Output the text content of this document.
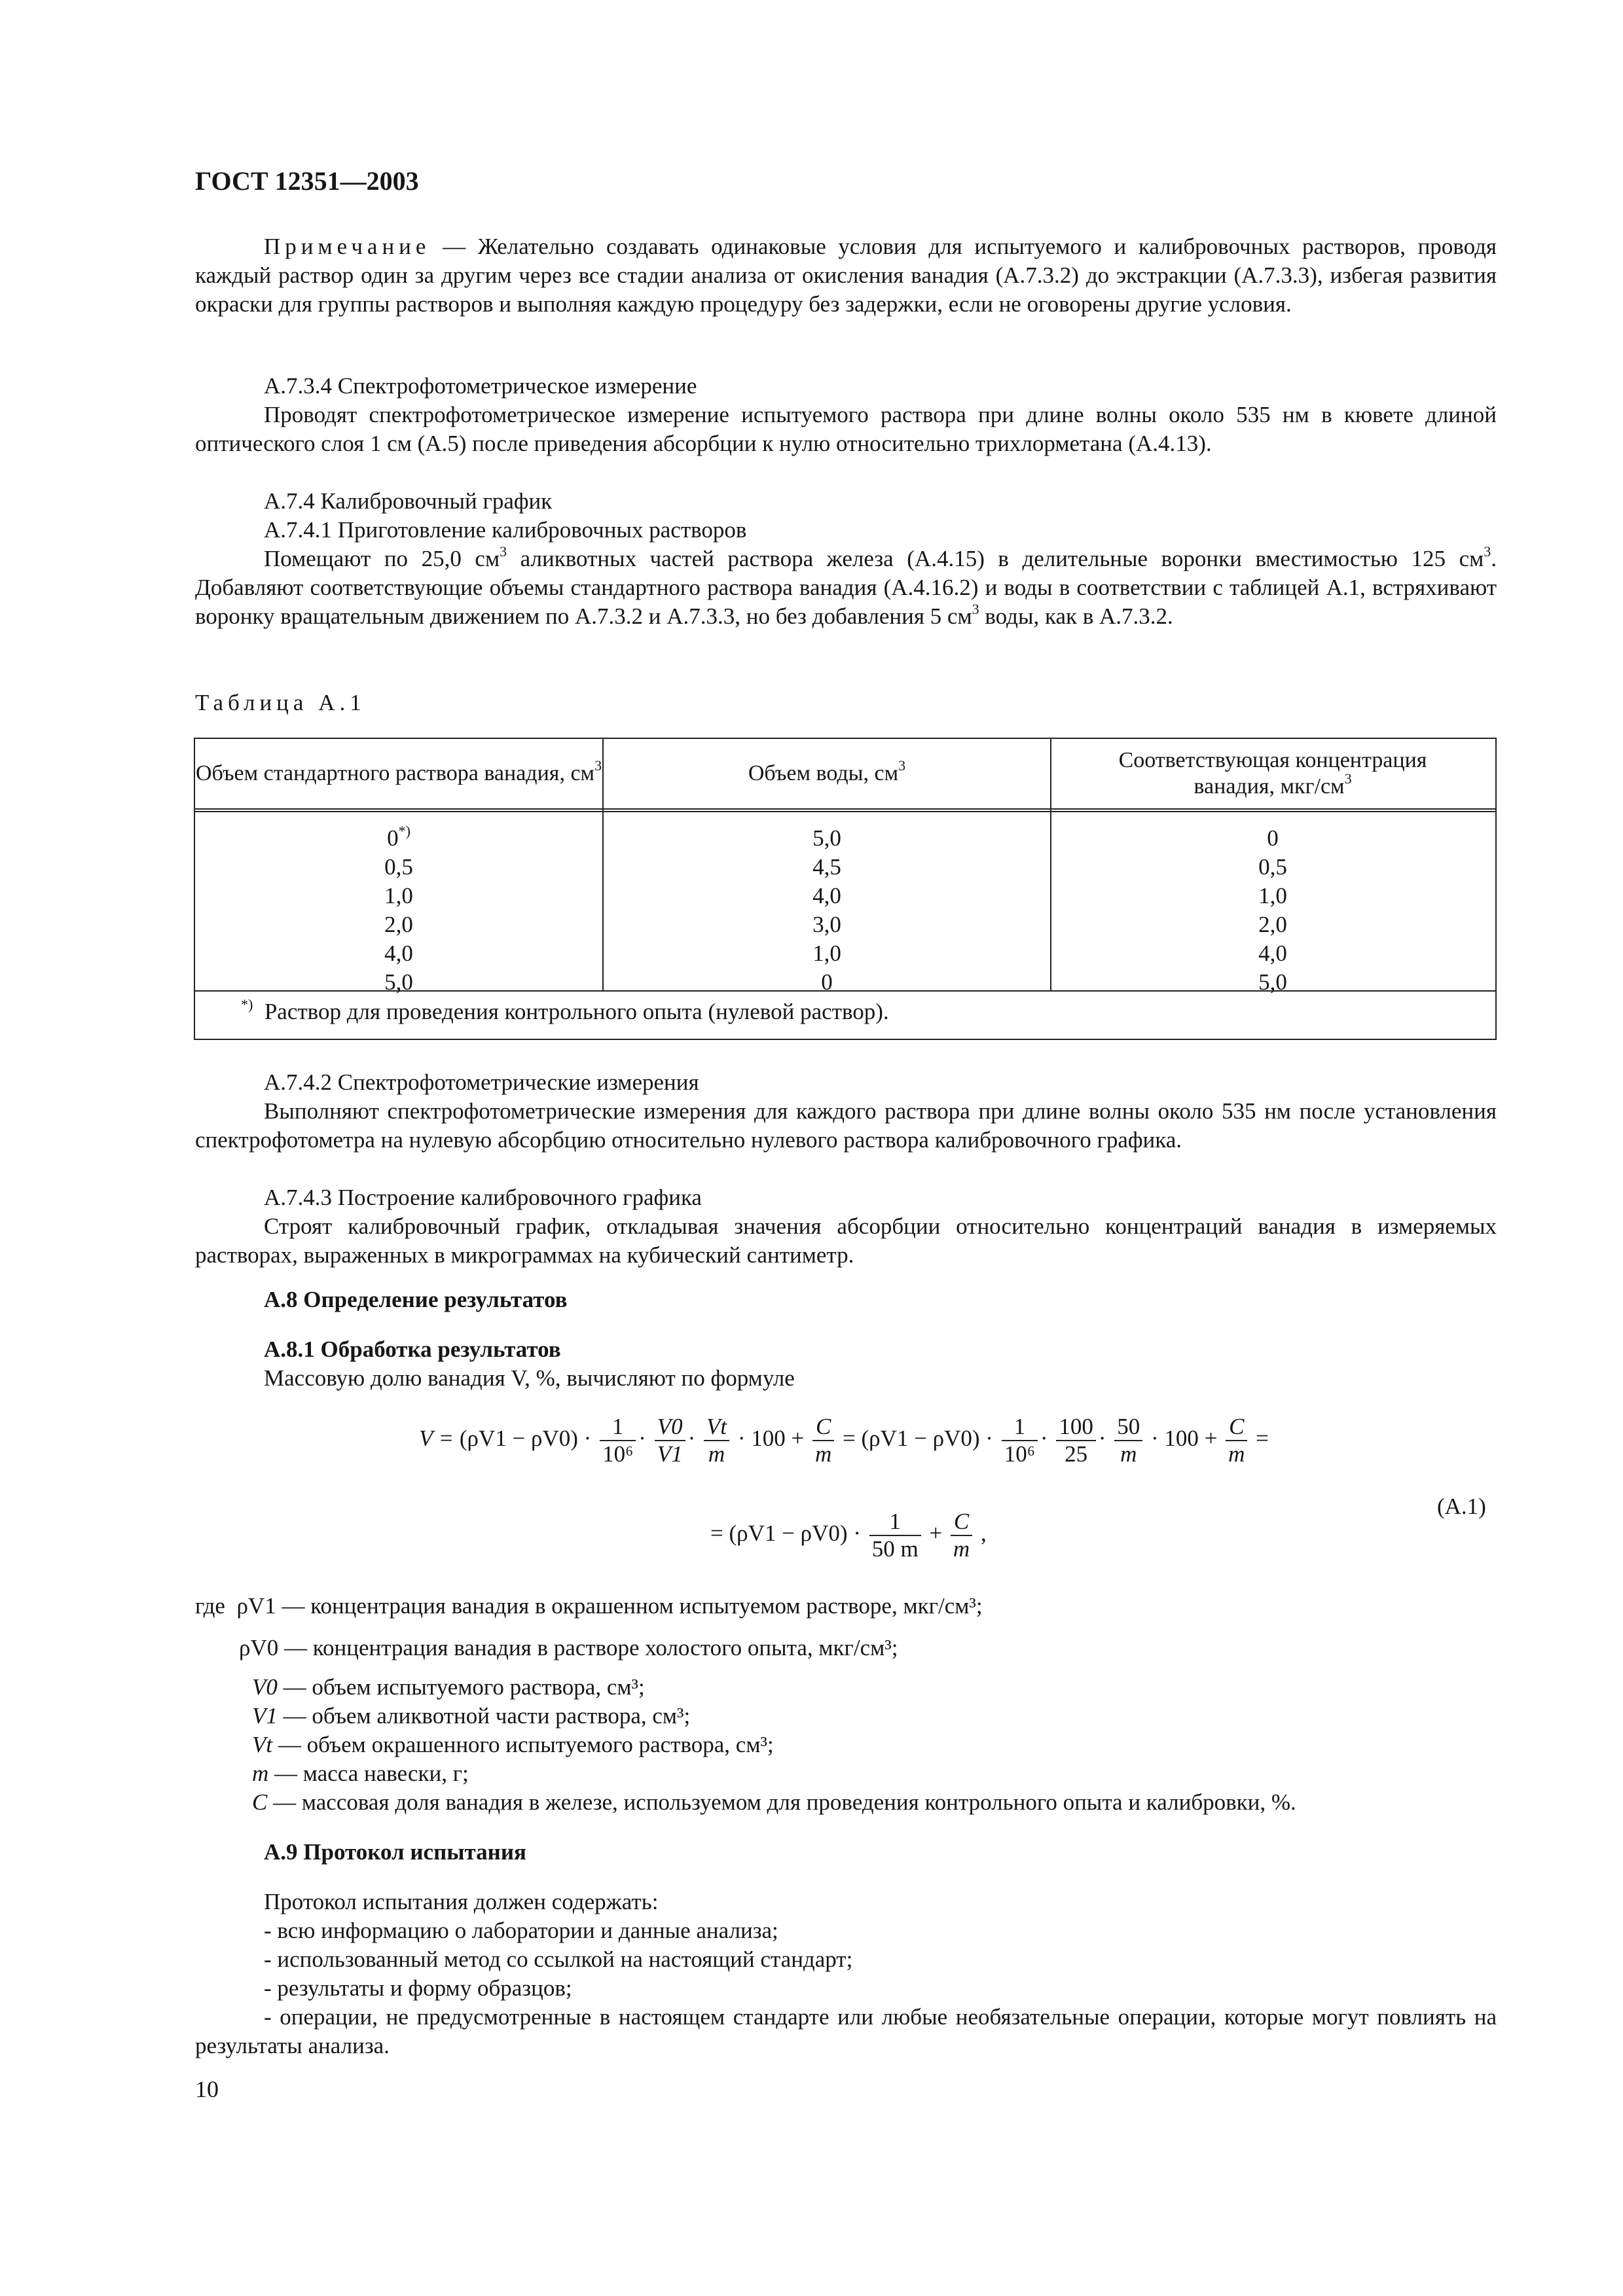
ГОСТ 12351—2003
Примечание — Желательно создавать одинаковые условия для испытуемого и калибровочных растворов, проводя каждый раствор один за другим через все стадии анализа от окисления ванадия (А.7.3.2) до экстракции (А.7.3.3), избегая развития окраски для группы растворов и выполняя каждую процедуру без задержки, если не оговорены другие условия.
А.7.3.4 Спектрофотометрическое измерение
Проводят спектрофотометрическое измерение испытуемого раствора при длине волны около 535 нм в кювете длиной оптического слоя 1 см (А.5) после приведения абсорбции к нулю относительно трихлорметана (А.4.13).
А.7.4 Калибровочный график
А.7.4.1 Приготовление калибровочных растворов
Помещают по 25,0 $см^3$ аликвотных частей раствора железа (А.4.15) в делительные воронки вместимостью 125 $см^3$. Добавляют соответствующие объемы стандартного раствора ванадия (А.4.16.2) и воды в соответствии с таблицей А.1, встряхивают воронку вращательным движением по А.7.3.2 и А.7.3.3, но без добавления 5 $см^3$ воды, как в А.7.3.2.
Таблица А.1
Объем стандартного раствора ванадия, $см^3$	Объем воды, $см^3$	Соответствующая концентрация ванадия, мкг/$см^3$
0*)
0,5
1,0
2,0
4,0
5,0
5,0
4,5
4,0
3,0
1,0
0
0
0,5
1,0
2,0
4,0
5,0
*) Раствор для проведения контрольного опыта (нулевой раствор).
А.7.4.2 Спектрофотометрические измерения
Выполняют спектрофотометрические измерения для каждого раствора при длине волны около 535 нм после установления спектрофотометра на нулевую абсорбцию относительно нулевого раствора калибровочного графика.
А.7.4.3 Построение калибровочного графика
Строят калибровочный график, откладывая значения абсорбции относительно концентраций ванадия в измеряемых растворах, выраженных в микрограммах на кубический сантиметр.
А.8 Определение результатов
А.8.1 Обработка результатов
Массовую долю ванадия V, %, вычисляют по формуле
$V = (\rho V1 - \rho V0) \cdot \frac{1}{\text{10⁶}} \cdot \frac{V0}{V1} \cdot \frac{Vt}{m} \cdot 100 + \frac{C}{m} = (\rho V1 - \rho V0) \cdot \frac{1}{\text{10⁶}} \cdot \frac{100}{25} \cdot \frac{50}{m} \cdot 100 + \frac{C}{m}$ =
(А.1)
= $(\rho V1 - \rho V0) \cdot \frac{1}{50 m} + \frac{C}{m}$ ,
где ρV1 — концентрация ванадия в окрашенном испытуемом растворе, мкг/см³;
ρV0 — концентрация ванадия в растворе холостого опыта, мкг/см³;
V0 — объем испытуемого раствора, см³;
V1 — объем аликвотной части раствора, см³;
Vt — объем окрашенного испытуемого раствора, см³;
m — масса навески, г;
C — массовая доля ванадия в железе, используемом для проведения контрольного опыта и калибровки, %.
А.9 Протокол испытания
Протокол испытания должен содержать:
- всю информацию о лаборатории и данные анализа;
- использованный метод со ссылкой на настоящий стандарт;
- результаты и форму образцов;
- операции, не предусмотренные в настоящем стандарте или любые необязательные операции, которые могут повлиять на результаты анализа.
10
